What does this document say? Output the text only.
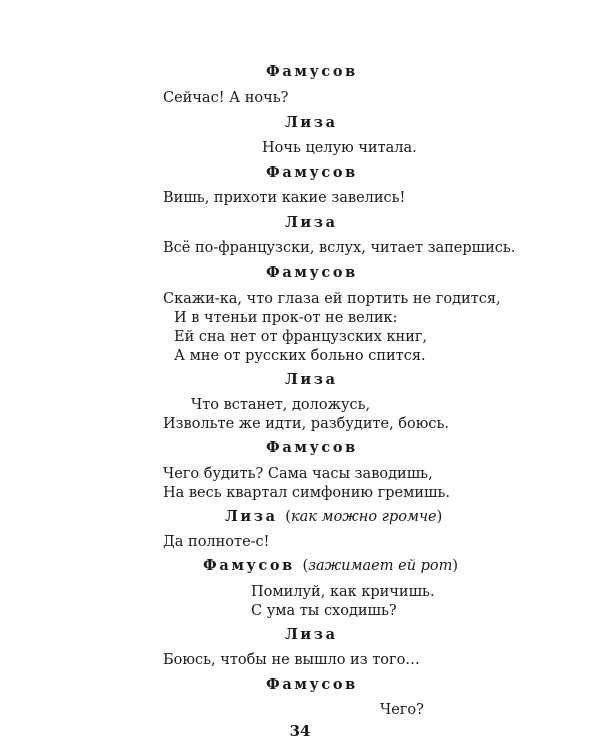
Фамусов
Сейчас! А ночь?
Лиза
Ночь целую читала.
Фамусов
Вишь, прихоти какие завелись!
Лиза
Всё по-французски, вслух, читает запершись.
Фамусов
Скажи-ка, что глаза ей портить не годится,
И в чтеньи прок-от не велик:
Ей сна нет от французских книг,
А мне от русских больно спится.
Лиза
Что встанет, доложусь,
Извольте же идти, разбудите, боюсь.
Фамусов
Чего будить? Сама часы заводишь,
На весь квартал симфонию гремишь.
Лиза (как можно громче)
Да полноте-с!
Фамусов (зажимает ей рот)
Помилуй, как кричишь.
С ума ты сходишь?
Лиза
Боюсь, чтобы не вышло из того…
Фамусов
Чего?
34
